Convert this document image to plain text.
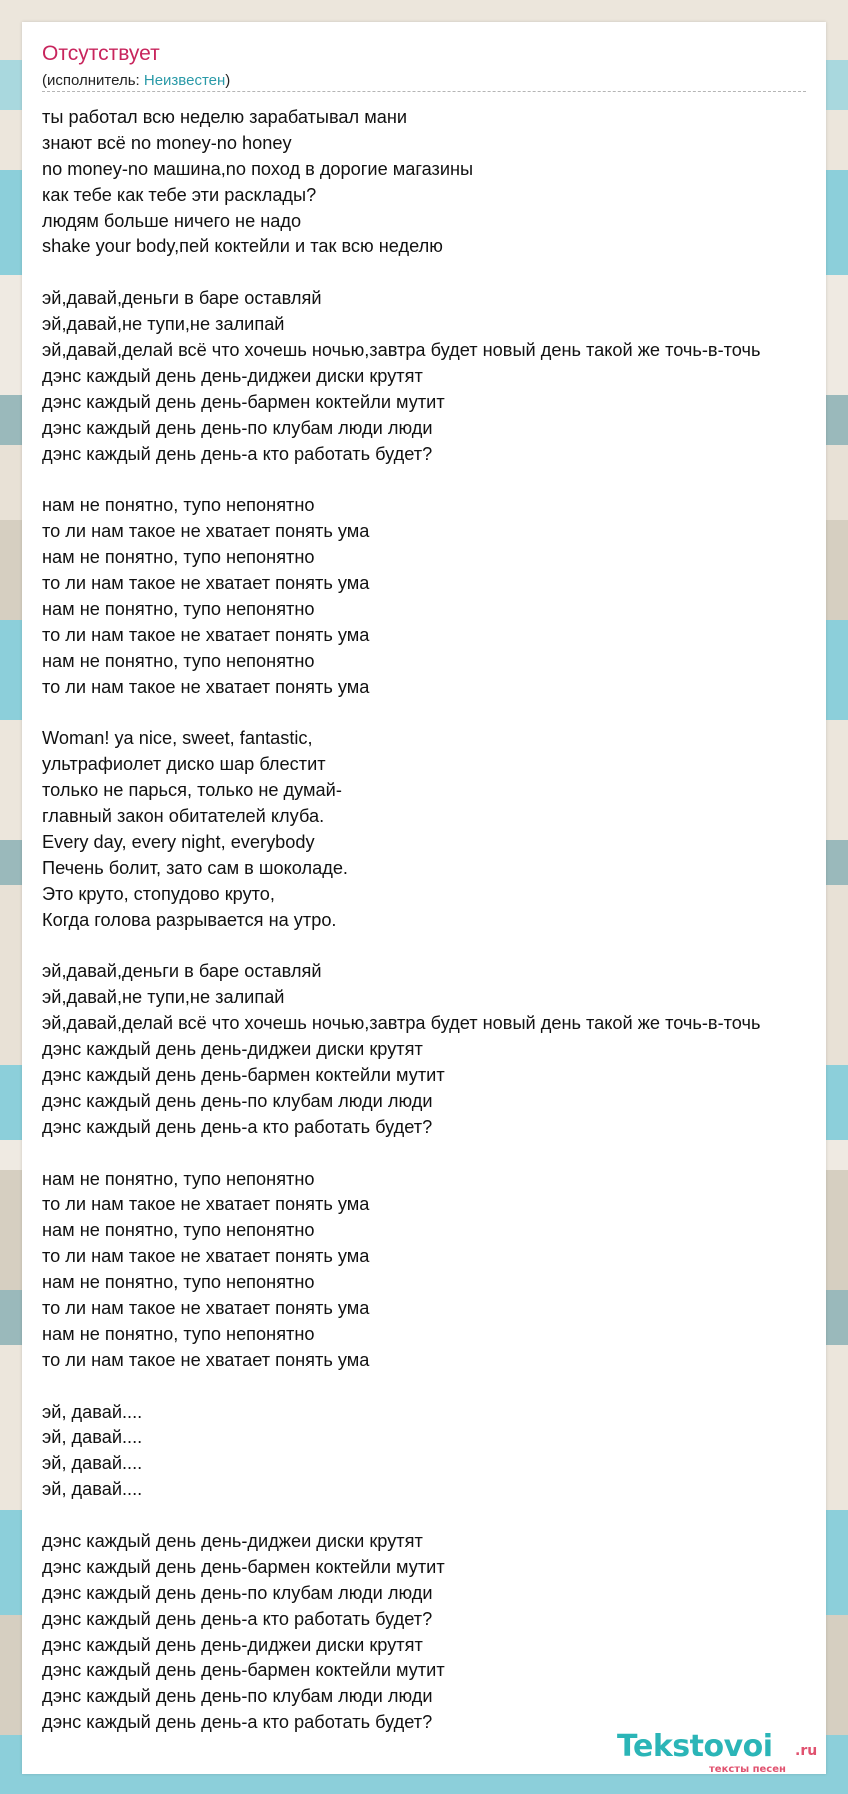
Отсутствует
(исполнитель: Неизвестен)
ты работал всю неделю зарабатывал мани
знают всё no money-no honey
no money-no машина,no поход в дорогие магазины
как тебе как тебе эти расклады?
людям больше ничего не надо
shake your body,пей коктейли и так всю неделю
эй,давай,деньги в баре оставляй
эй,давай,не тупи,не залипай
эй,давай,делай всё что хочешь ночью,завтра будет новый день такой же точь-в-точь
дэнс каждый день день-диджеи диски крутят
дэнс каждый день день-бармен коктейли мутит
дэнс каждый день день-по клубам люди люди
дэнс каждый день день-а кто работать будет?
нам не понятно, тупо непонятно
то ли нам такое не хватает понять ума
нам не понятно, тупо непонятно
то ли нам такое не хватает понять ума
нам не понятно, тупо непонятно
то ли нам такое не хватает понять ума
нам не понятно, тупо непонятно
то ли нам такое не хватает понять ума
Woman! ya nice, sweet, fantastic,
ультрафиолет диско шар блестит
только не парься, только не думай-
главный закон обитателей клуба.
Every day, every night, everybody
Печень болит, зато сам в шоколаде.
Это круто, стопудово круто,
Когда голова разрывается на утро.
эй,давай,деньги в баре оставляй
эй,давай,не тупи,не залипай
эй,давай,делай всё что хочешь ночью,завтра будет новый день такой же точь-в-точь
дэнс каждый день день-диджеи диски крутят
дэнс каждый день день-бармен коктейли мутит
дэнс каждый день день-по клубам люди люди
дэнс каждый день день-а кто работать будет?
нам не понятно, тупо непонятно
то ли нам такое не хватает понять ума
нам не понятно, тупо непонятно
то ли нам такое не хватает понять ума
нам не понятно, тупо непонятно
то ли нам такое не хватает понять ума
нам не понятно, тупо непонятно
то ли нам такое не хватает понять ума
эй, давай....
эй, давай....
эй, давай....
эй, давай....
дэнс каждый день день-диджеи диски крутят
дэнс каждый день день-бармен коктейли мутит
дэнс каждый день день-по клубам люди люди
дэнс каждый день день-а кто работать будет?
дэнс каждый день день-диджеи диски крутят
дэнс каждый день день-бармен коктейли мутит
дэнс каждый день день-по клубам люди люди
дэнс каждый день день-а кто работать будет?
Tekstovoi .ru
тексты песен
